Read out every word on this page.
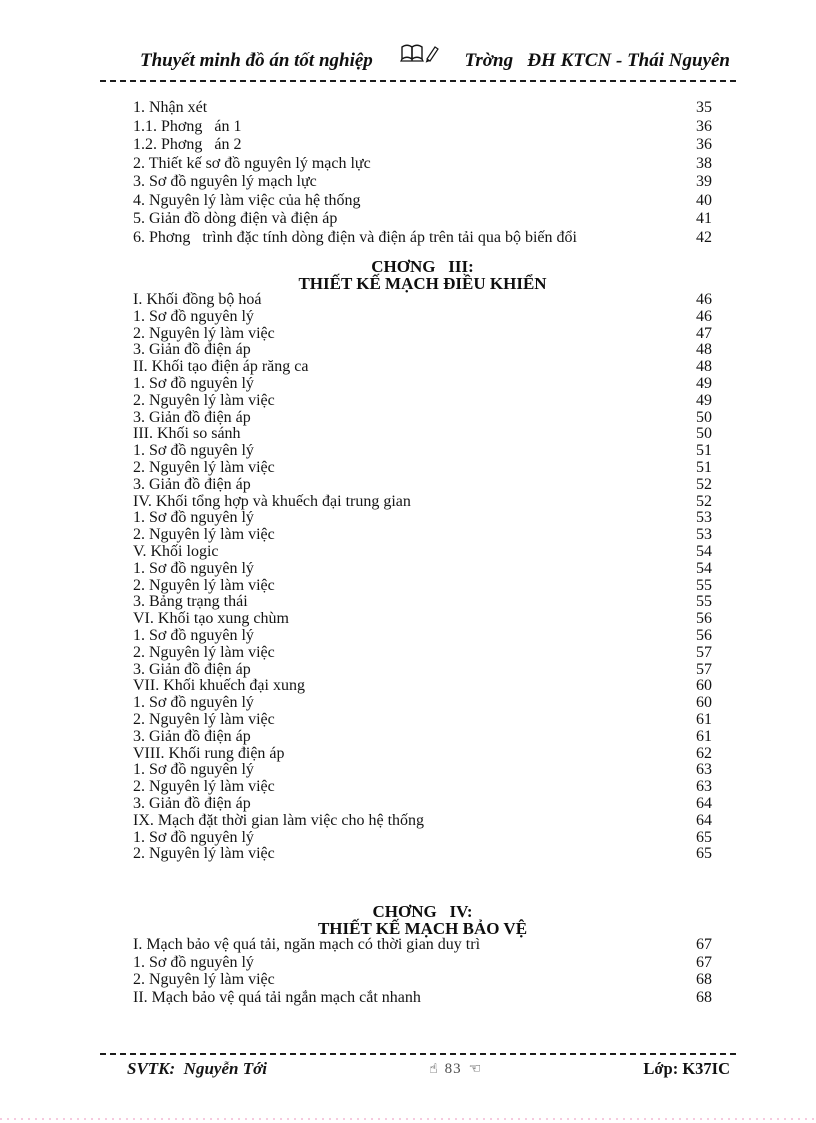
Thuyết minh đồ án tốt nghiệp	Trờng   ĐH KTCN - Thái Nguyên
1. Nhận xét	35
1.1. Phơng   án 1	36
1.2. Phơng   án 2	36
2. Thiết kế sơ đồ nguyên lý mạch lực	38
3. Sơ đồ nguyên lý mạch lực	39
4. Nguyên lý làm việc của hệ thống	40
5. Giản đồ dòng điện và điện áp	41
6. Phơng   trình đặc tính dòng điện và điện áp trên tải qua bộ biến đổi	42
CHƠNG   III:
THIẾT KẾ MẠCH ĐIỀU KHIỂN
I. Khối đồng bộ hoá	46
1. Sơ đồ nguyên lý	46
2. Nguyên lý làm việc	47
3. Giản đồ điện áp	48
II. Khối tạo điện áp răng ca	48
1. Sơ đồ nguyên lý	49
2. Nguyên lý làm việc	49
3. Giản đồ điện áp	50
III. Khối so sánh	50
1. Sơ đồ nguyên lý	51
2. Nguyên lý làm việc	51
3. Giản đồ điện áp	52
IV. Khối tổng hợp và khuếch đại trung gian	52
1. Sơ đồ nguyên lý	53
2. Nguyên lý làm việc	53
V. Khối logic	54
1. Sơ đồ nguyên lý	54
2. Nguyên lý làm việc	55
3. Bảng trạng thái	55
VI. Khối tạo xung chùm	56
1. Sơ đồ nguyên lý	56
2. Nguyên lý làm việc	57
3. Giản đồ điện áp	57
VII. Khối khuếch đại xung	60
1. Sơ đồ nguyên lý	60
2. Nguyên lý làm việc	61
3. Giản đồ điện áp	61
VIII. Khối rung điện áp	62
1. Sơ đồ nguyên lý	63
2. Nguyên lý làm việc	63
3. Giản đồ điện áp	64
IX. Mạch đặt thời gian làm việc cho hệ thống	64
1. Sơ đồ nguyên lý	65
2. Nguyên lý làm việc	65
CHƠNG   IV:
THIẾT KẾ MẠCH BẢO VỆ
I. Mạch bảo vệ quá tải, ngăn mạch có thời gian duy trì	67
1. Sơ đồ nguyên lý	67
2. Nguyên lý làm việc	68
II. Mạch bảo vệ quá tải ngắn mạch cắt nhanh	68
SVTK:  Nguyễn Tới	☝ 83 ☜	Lớp: K37IC
